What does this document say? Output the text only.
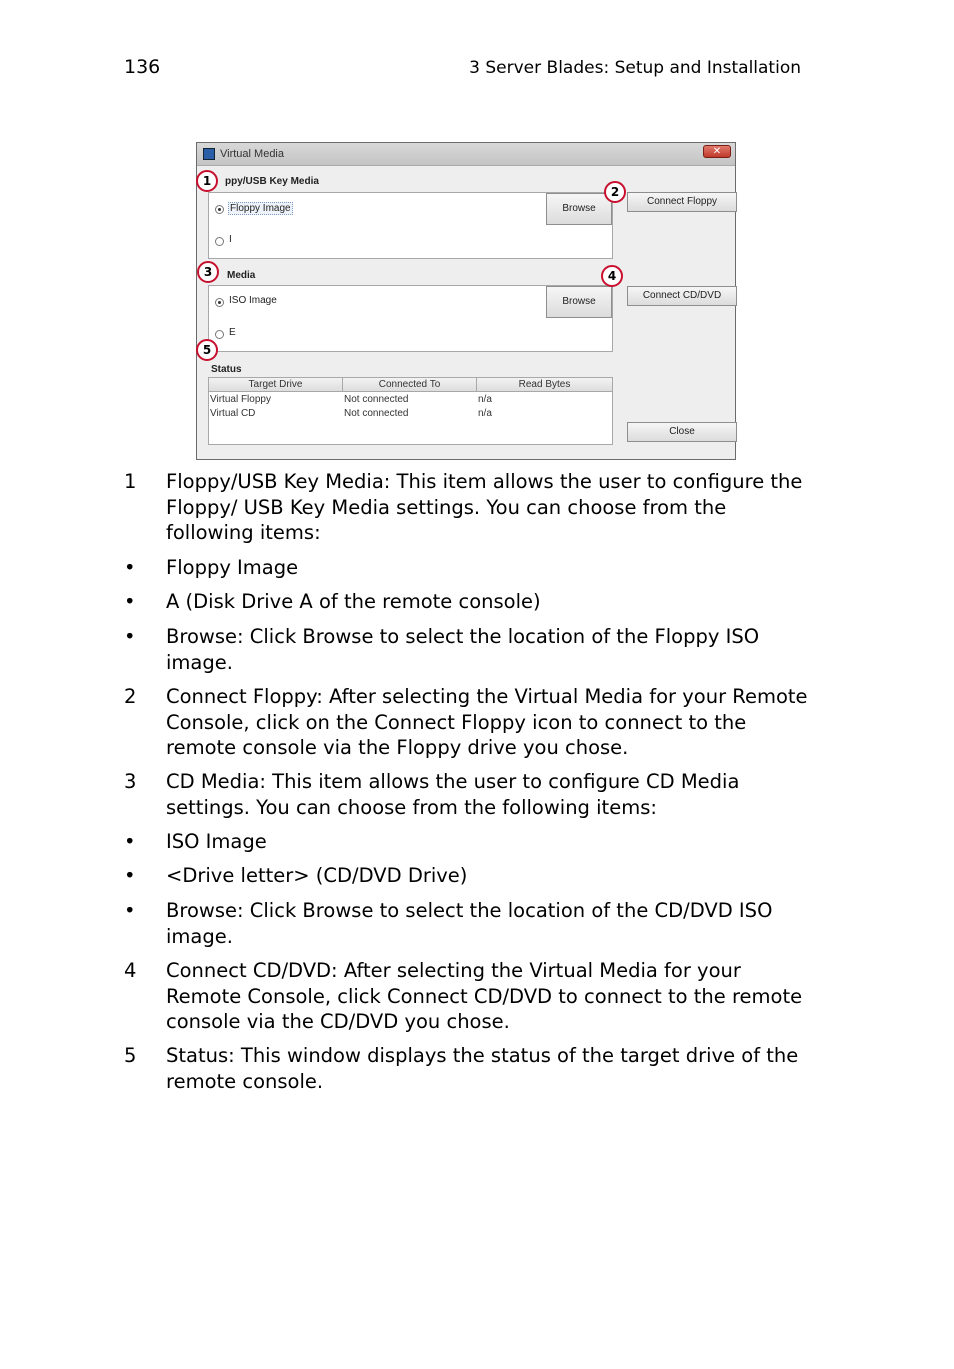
136	3 Server Blades: Setup and Installation
Virtual Media	✕
ppy/USB Key Media
Floppy Image
I
Browse
Connect Floppy
Media
ISO Image
E
Browse
Connect CD/DVD
Status
Target Drive	Connected To	Read Bytes
Virtual Floppy	Not connected	n/a
Virtual CD	Not connected	n/a
Close
1
2
3	4
5
1 Floppy/USB Key Media: This item allows the user to configure the Floppy/ USB Key Media settings. You can choose from the following items:
• Floppy Image
• A (Disk Drive A of the remote console)
• Browse: Click Browse to select the location of the Floppy ISO image.
2 Connect Floppy: After selecting the Virtual Media for your Remote Console, click on the Connect Floppy icon to connect to the remote console via the Floppy drive you chose.
3 CD Media: This item allows the user to configure CD Media settings. You can choose from the following items:
• ISO Image
• <Drive letter> (CD/DVD Drive)
• Browse: Click Browse to select the location of the CD/DVD ISO image.
4 Connect CD/DVD: After selecting the Virtual Media for your Remote Console, click Connect CD/DVD to connect to the remote console via the CD/DVD you chose.
5 Status: This window displays the status of the target drive of the remote console.
